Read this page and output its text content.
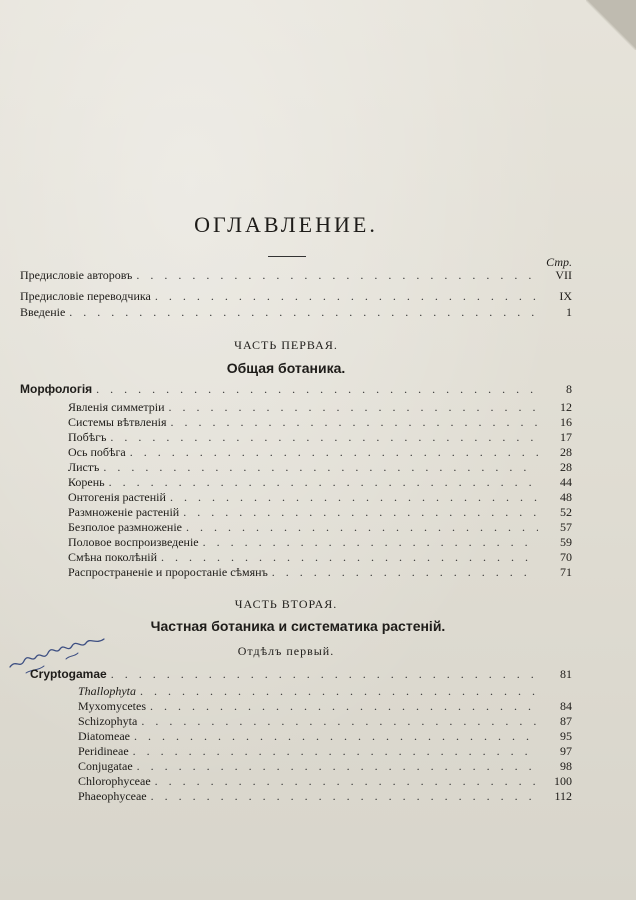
ОГЛАВЛЕНИЕ.
Стр.
Предисловіе авторовъ . . .	VII
Предисловіе переводчика . . .	IX
Введеніе . . .	1
ЧАСТЬ ПЕРВАЯ.
Общая ботаника.
Морфологія . . .	8
Явленія симметріи . . .	12
Системы вѣтвленія . . .	16
Побѣгъ . . .	17
Ось побѣга . . .	28
Листъ . . .	28
Корень . . .	44
Онтогенія растеній . . .	48
Размноженіе растеній . . .	52
Безполое размноженіе . . .	57
Половое воспроизведеніе . . .	59
Смѣна поколѣній . . .	70
Распространеніе и проростаніе сѣмянъ . . .	71
ЧАСТЬ ВТОРАЯ.
Частная ботаника и систематика растеній.
Отдѣлъ первый.
Cryptogamae . . .	81
Thallophyta
. . .
Myxomycetes . . .	84
Schizophyta . . .	87
Diatomeae . . .	95
Peridineae . . .	97
Conjugatae . . .	98
Chlorophyceae . . .	100
Phaeophyceae . . .	112
